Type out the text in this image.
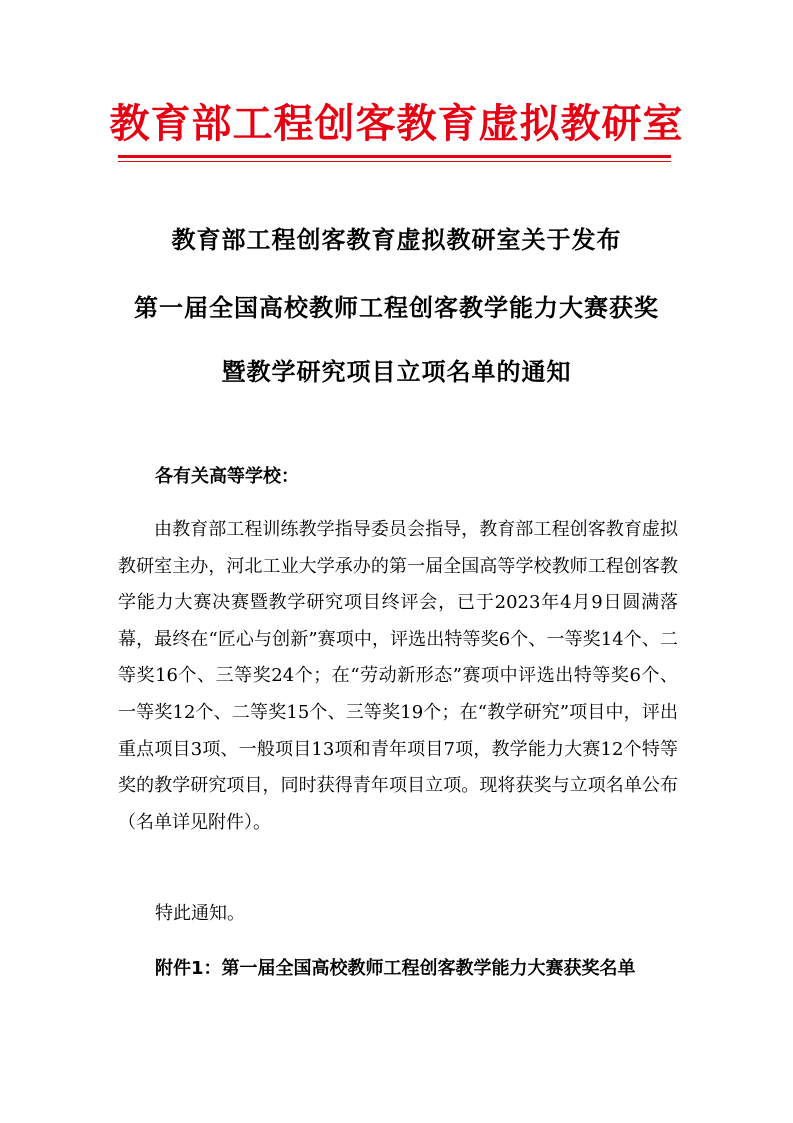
教育部工程创客教育虚拟教研室
教育部工程创客教育虚拟教研室关于发布
第一届全国高校教师工程创客教学能力大赛获奖
暨教学研究项目立项名单的通知
各有关高等学校：

由教育部工程训练教学指导委员会指导，教育部工程创客教育虚拟教研室主办，河北工业大学承办的第一届全国高等学校教师工程创客教学能力大赛决赛暨教学研究项目终评会，已于2023年4月9日圆满落幕，最终在“匠心与创新”赛项中，评选出特等奖6个、一等奖14个、二等奖16个、三等奖24个；在“劳动新形态”赛项中评选出特等奖6个、一等奖12个、二等奖15个、三等奖19个；在“教学研究”项目中，评出重点项目3项、一般项目13项和青年项目7项，教学能力大赛12个特等奖的教学研究项目，同时获得青年项目立项。现将获奖与立项名单公布（名单详见附件）。

特此通知。
附件1：第一届全国高校教师工程创客教学能力大赛获奖名单
